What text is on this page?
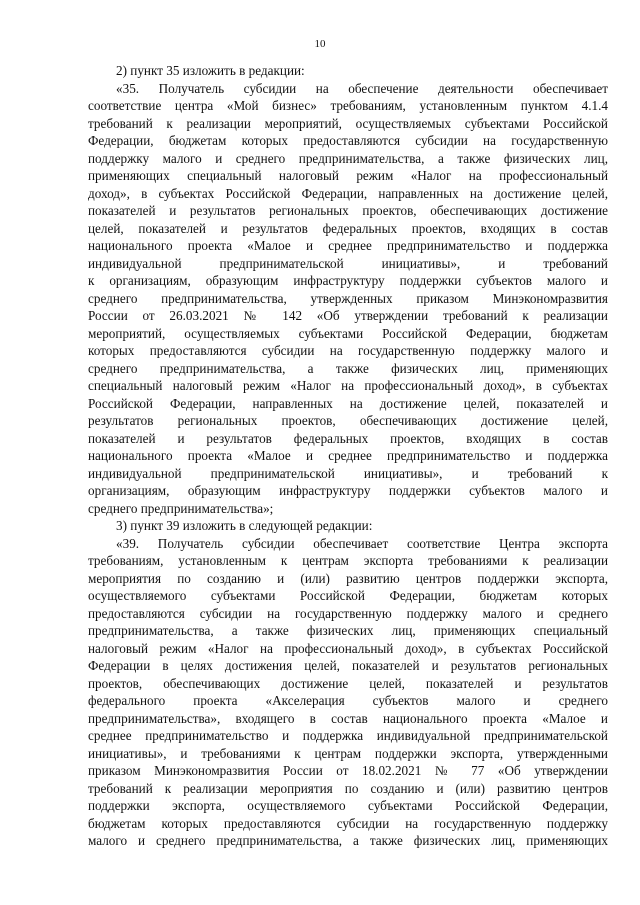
10
2) пункт 35 изложить в редакции:
«35. Получатель субсидии на обеспечение деятельности обеспечивает
соответствие центра «Мой бизнес» требованиям, установленным пунктом 4.1.4
требований к реализации мероприятий, осуществляемых субъектами Российской
Федерации, бюджетам которых предоставляются субсидии на государственную
поддержку малого и среднего предпринимательства, а также физических лиц,
применяющих специальный налоговый режим «Налог на профессиональный
доход», в субъектах Российской Федерации, направленных на достижение целей,
показателей и результатов региональных проектов, обеспечивающих достижение
целей, показателей и результатов федеральных проектов, входящих в состав
национального проекта «Малое и среднее предпринимательство и поддержка
индивидуальной предпринимательской инициативы», и требований
к организациям, образующим инфраструктуру поддержки субъектов малого и
среднего предпринимательства, утвержденных приказом Минэкономразвития
России от 26.03.2021 № 142 «Об утверждении требований к реализации
мероприятий, осуществляемых субъектами Российской Федерации, бюджетам
которых предоставляются субсидии на государственную поддержку малого и
среднего предпринимательства, а также физических лиц, применяющих
специальный налоговый режим «Налог на профессиональный доход», в субъектах
Российской Федерации, направленных на достижение целей, показателей и
результатов региональных проектов, обеспечивающих достижение целей,
показателей и результатов федеральных проектов, входящих в состав
национального проекта «Малое и среднее предпринимательство и поддержка
индивидуальной предпринимательской инициативы», и требований к
организациям, образующим инфраструктуру поддержки субъектов малого и
среднего предпринимательства»;
3) пункт 39 изложить в следующей редакции:
«39. Получатель субсидии обеспечивает соответствие Центра экспорта
требованиям, установленным к центрам экспорта требованиями к реализации
мероприятия по созданию и (или) развитию центров поддержки экспорта,
осуществляемого субъектами Российской Федерации, бюджетам которых
предоставляются субсидии на государственную поддержку малого и среднего
предпринимательства, а также физических лиц, применяющих специальный
налоговый режим «Налог на профессиональный доход», в субъектах Российской
Федерации в целях достижения целей, показателей и результатов региональных
проектов, обеспечивающих достижение целей, показателей и результатов
федерального проекта «Акселерация субъектов малого и среднего
предпринимательства», входящего в состав национального проекта «Малое и
среднее предпринимательство и поддержка индивидуальной предпринимательской
инициативы», и требованиями к центрам поддержки экспорта, утвержденными
приказом Минэкономразвития России от 18.02.2021 № 77 «Об утверждении
требований к реализации мероприятия по созданию и (или) развитию центров
поддержки экспорта, осуществляемого субъектами Российской Федерации,
бюджетам которых предоставляются субсидии на государственную поддержку
малого и среднего предпринимательства, а также физических лиц, применяющих
